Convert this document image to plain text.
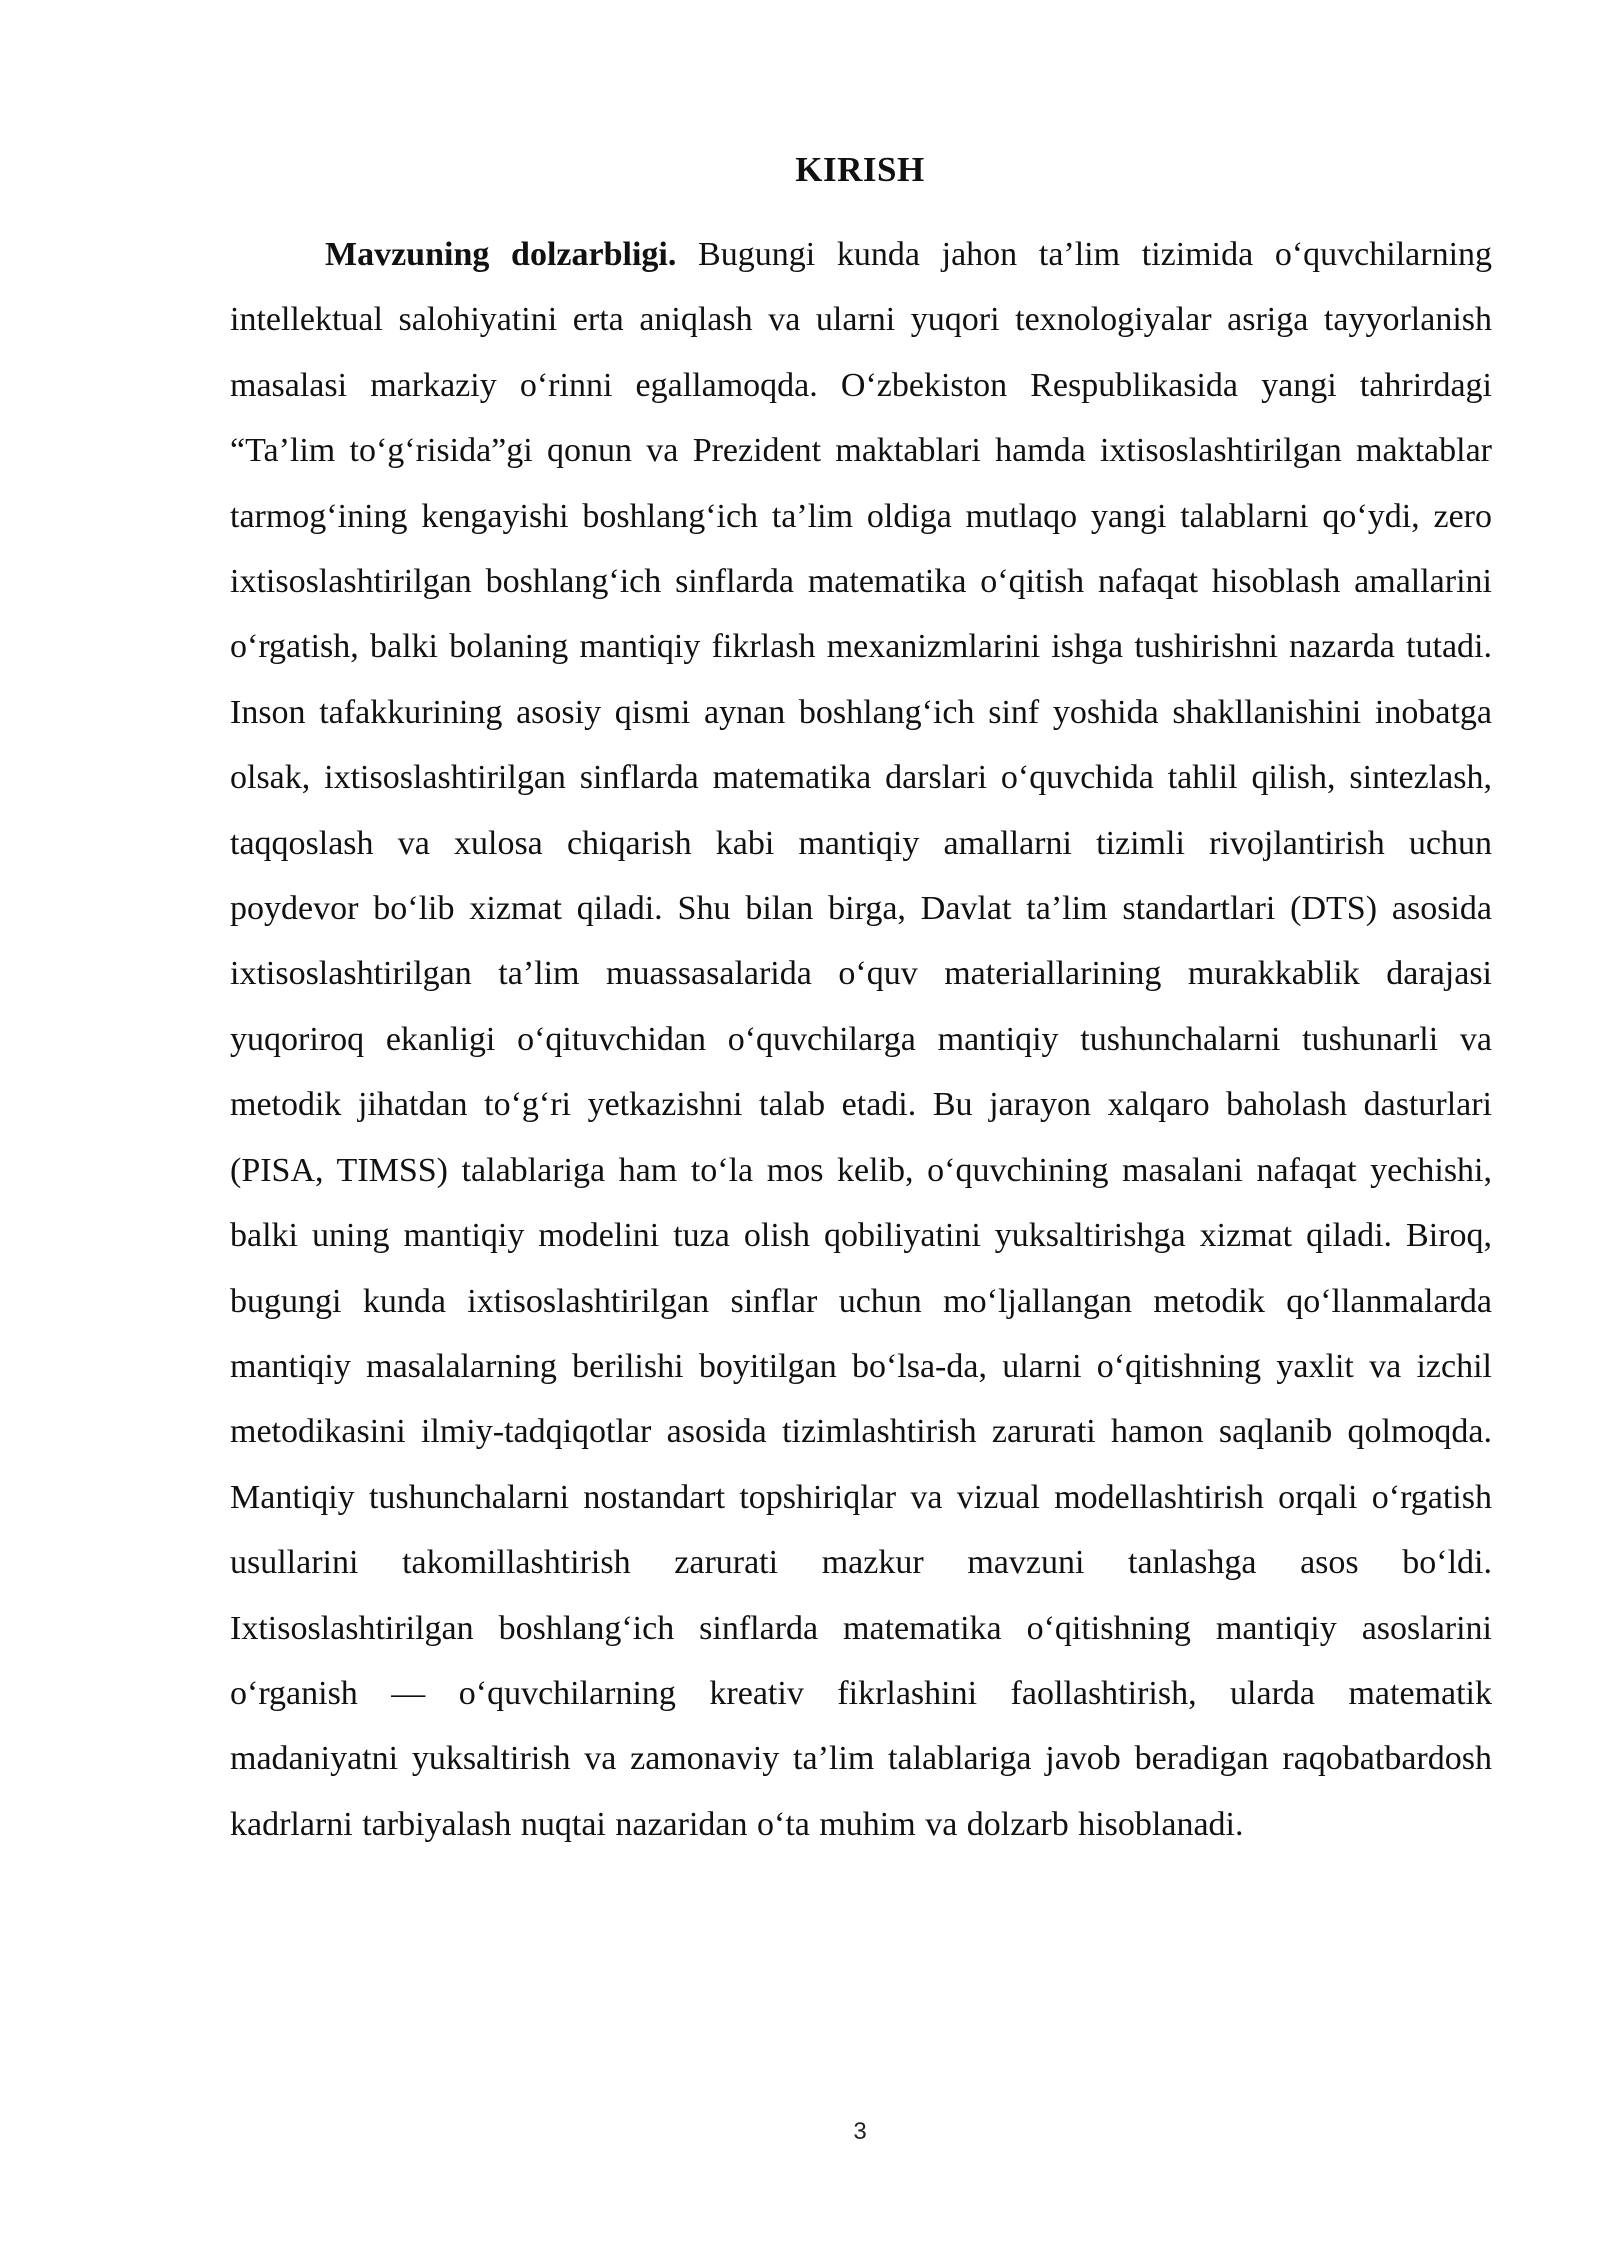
KIRISH

Mavzuning dolzarbligi. Bugungi kunda jahon ta’lim tizimida o‘quvchilarning intellektual salohiyatini erta aniqlash va ularni yuqori texnologiyalar asriga tayyorlanish masalasi markaziy o‘rinni egallamoqda. O‘zbekiston Respublikasida yangi tahrirdagi “Ta’lim to‘g‘risida”gi qonun va Prezident maktablari hamda ixtisoslashtirilgan maktablar tarmog‘ining kengayishi boshlang‘ich ta’lim oldiga mutlaqo yangi talablarni qo‘ydi, zero ixtisoslashtirilgan boshlang‘ich sinflarda matematika o‘qitish nafaqat hisoblash amallarini o‘rgatish, balki bolaning mantiqiy fikrlash mexanizmlarini ishga tushirishni nazarda tutadi. Inson tafakkurining asosiy qismi aynan boshlang‘ich sinf yoshida shakllanishini inobatga olsak, ixtisoslashtirilgan sinflarda matematika darslari o‘quvchida tahlil qilish, sintezlash, taqqoslash va xulosa chiqarish kabi mantiqiy amallarni tizimli rivojlantirish uchun poydevor bo‘lib xizmat qiladi. Shu bilan birga, Davlat ta’lim standartlari (DTS) asosida ixtisoslashtirilgan ta’lim muassasalarida o‘quv materiallarining murakkablik darajasi yuqoriroq ekanligi o‘qituvchidan o‘quvchilarga mantiqiy tushunchalarni tushunarli va metodik jihatdan to‘g‘ri yetkazishni talab etadi. Bu jarayon xalqaro baholash dasturlari (PISA, TIMSS) talablariga ham to‘la mos kelib, o‘quvchining masalani nafaqat yechishi, balki uning mantiqiy modelini tuza olish qobiliyatini yuksaltirishga xizmat qiladi. Biroq, bugungi kunda ixtisoslashtirilgan sinflar uchun mo‘ljallangan metodik qo‘llanmalarda mantiqiy masalalarning berilishi boyitilgan bo‘lsa-da, ularni o‘qitishning yaxlit va izchil metodikasini ilmiy-tadqiqotlar asosida tizimlashtirish zarurati hamon saqlanib qolmoqda. Mantiqiy tushunchalarni nostandart topshiriqlar va vizual modellashtirish orqali o‘rgatish usullarini takomillashtirish zarurati mazkur mavzuni tanlashga asos bo‘ldi. Ixtisoslashtirilgan boshlang‘ich sinflarda matematika o‘qitishning mantiqiy asoslarini o‘rganish — o‘quvchilarning kreativ fikrlashini faollashtirish, ularda matematik madaniyatni yuksaltirish va zamonaviy ta’lim talablariga javob beradigan raqobatbardosh kadrlarni tarbiyalash nuqtai nazaridan o‘ta muhim va dolzarb hisoblanadi.

3
